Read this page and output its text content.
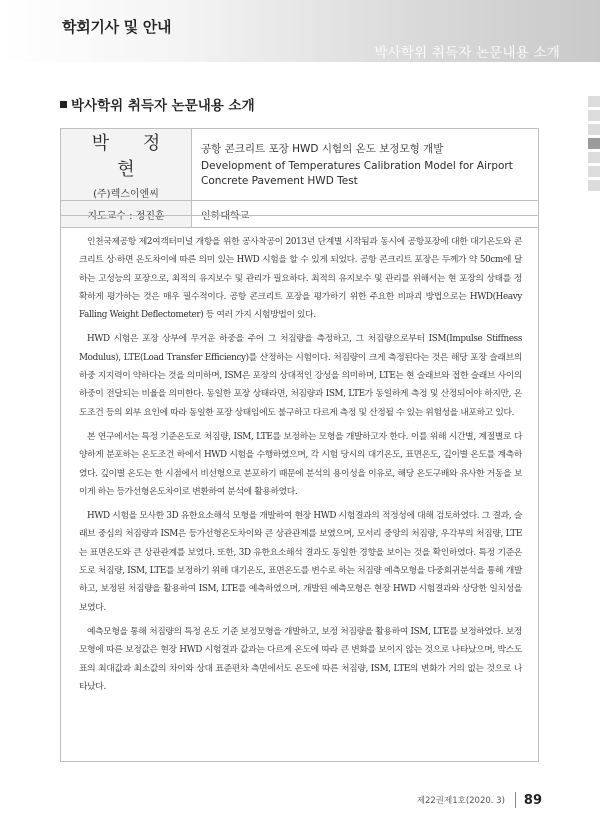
학회기사 및 안내
박사학위 취득자 논문내용 소개
박사학위 취득자 논문내용 소개
박 정 현
(주)렉스이엔씨	공항 콘크리트 포장 HWD 시험의 온도 보정모형 개발
Development of Temperatures Calibration Model for Airport Concrete Pavement HWD Test

지도교수 : 정진훈	인하대학교

인천국제공항 제2여객터미널 개항을 위한 공사착공이 2013년 단계별 시작됨과 동시에 공항포장에 대한 대기온도와 콘크리트 상·하면 온도차이에 따른 의미 있는 HWD 시험을 할 수 있게 되었다. 공항 콘크리트 포장은 두께가 약 50cm에 달하는 고성능의 포장으로, 최적의 유지보수 및 관리가 필요하다. 최적의 유지보수 및 관리를 위해서는 현 포장의 상태를 정확하게 평가하는 것은 매우 필수적이다. 공항 콘크리트 포장을 평가하기 위한 주요한 비파괴 방법으로는 HWD(Heavy Falling Weight Deflectometer) 등 여러 가지 시험방법이 있다.

HWD 시험은 포장 상부에 무거운 하중을 주어 그 처짐량을 측정하고, 그 처짐량으로부터 ISM(Impulse Stiffness Modulus), LTE(Load Transfer Efficiency)를 산정하는 시험이다. 처짐량이 크게 측정된다는 것은 해당 포장 슬래브의 하중 지지력이 약하다는 것을 의미하며, ISM은 포장의 상대적인 강성을 의미하며, LTE는 현 슬래브와 접한 슬래브 사이의 하중이 전달되는 비율을 의미한다. 동일한 포장 상태라면, 처짐량과 ISM, LTE가 동일하게 측정 및 산정되어야 하지만, 온도조건 등의 외부 요인에 따라 동일한 포장 상태임에도 불구하고 다르게 측정 및 산정될 수 있는 위험성을 내포하고 있다.

본 연구에서는 특정 기준온도로 처짐량, ISM, LTE를 보정하는 모형을 개발하고자 한다. 이를 위해 시간별, 계절별로 다양하게 분포하는 온도조건 하에서 HWD 시험을 수행하였으며, 각 시험 당시의 대기온도, 표면온도, 깊이별 온도를 계측하였다. 깊이별 온도는 한 시점에서 비선형으로 분포하기 때문에 분석의 용이성을 이유로, 해당 온도구배와 유사한 거동을 보이게 하는 등가선형온도차이로 변환하여 분석에 활용하였다.

HWD 시험을 모사한 3D 유한요소해석 모형을 개발하여 현장 HWD 시험결과의 적정성에 대해 검토하였다. 그 결과, 슬래브 중심의 처짐량과 ISM은 등가선형온도차이와 큰 상관관계를 보였으며, 모서리 중앙의 처짐량, 우각부의 처짐량, LTE는 표면온도와 큰 상관관계를 보였다. 또한, 3D 유한요소해석 결과도 동일한 경향을 보이는 것을 확인하였다. 특정 기준온도로 처짐량, ISM, LTE를 보정하기 위해 대기온도, 표면온도를 변수로 하는 처짐량 예측모형을 다중회귀분석을 통해 개발하고, 보정된 처짐량을 활용하여 ISM, LTE를 예측하였으며, 개발된 예측모형은 현장 HWD 시험결과와 상당한 일치성을 보였다.

예측모형을 통해 처짐량의 특정 온도 기준 보정모형을 개발하고, 보정 처짐량을 활용하여 ISM, LTE를 보정하였다. 보정모형에 따른 보정값은 현장 HWD 시험결과 값과는 다르게 온도에 따라 큰 변화를 보이지 않는 것으로 나타났으며, 박스도표의 최대값과 최소값의 차이와 상대 표준편차 측면에서도 온도에 따른 처짐량, ISM, LTE의 변화가 거의 없는 것으로 나타났다.

제22권제1호(2020. 3) 89
